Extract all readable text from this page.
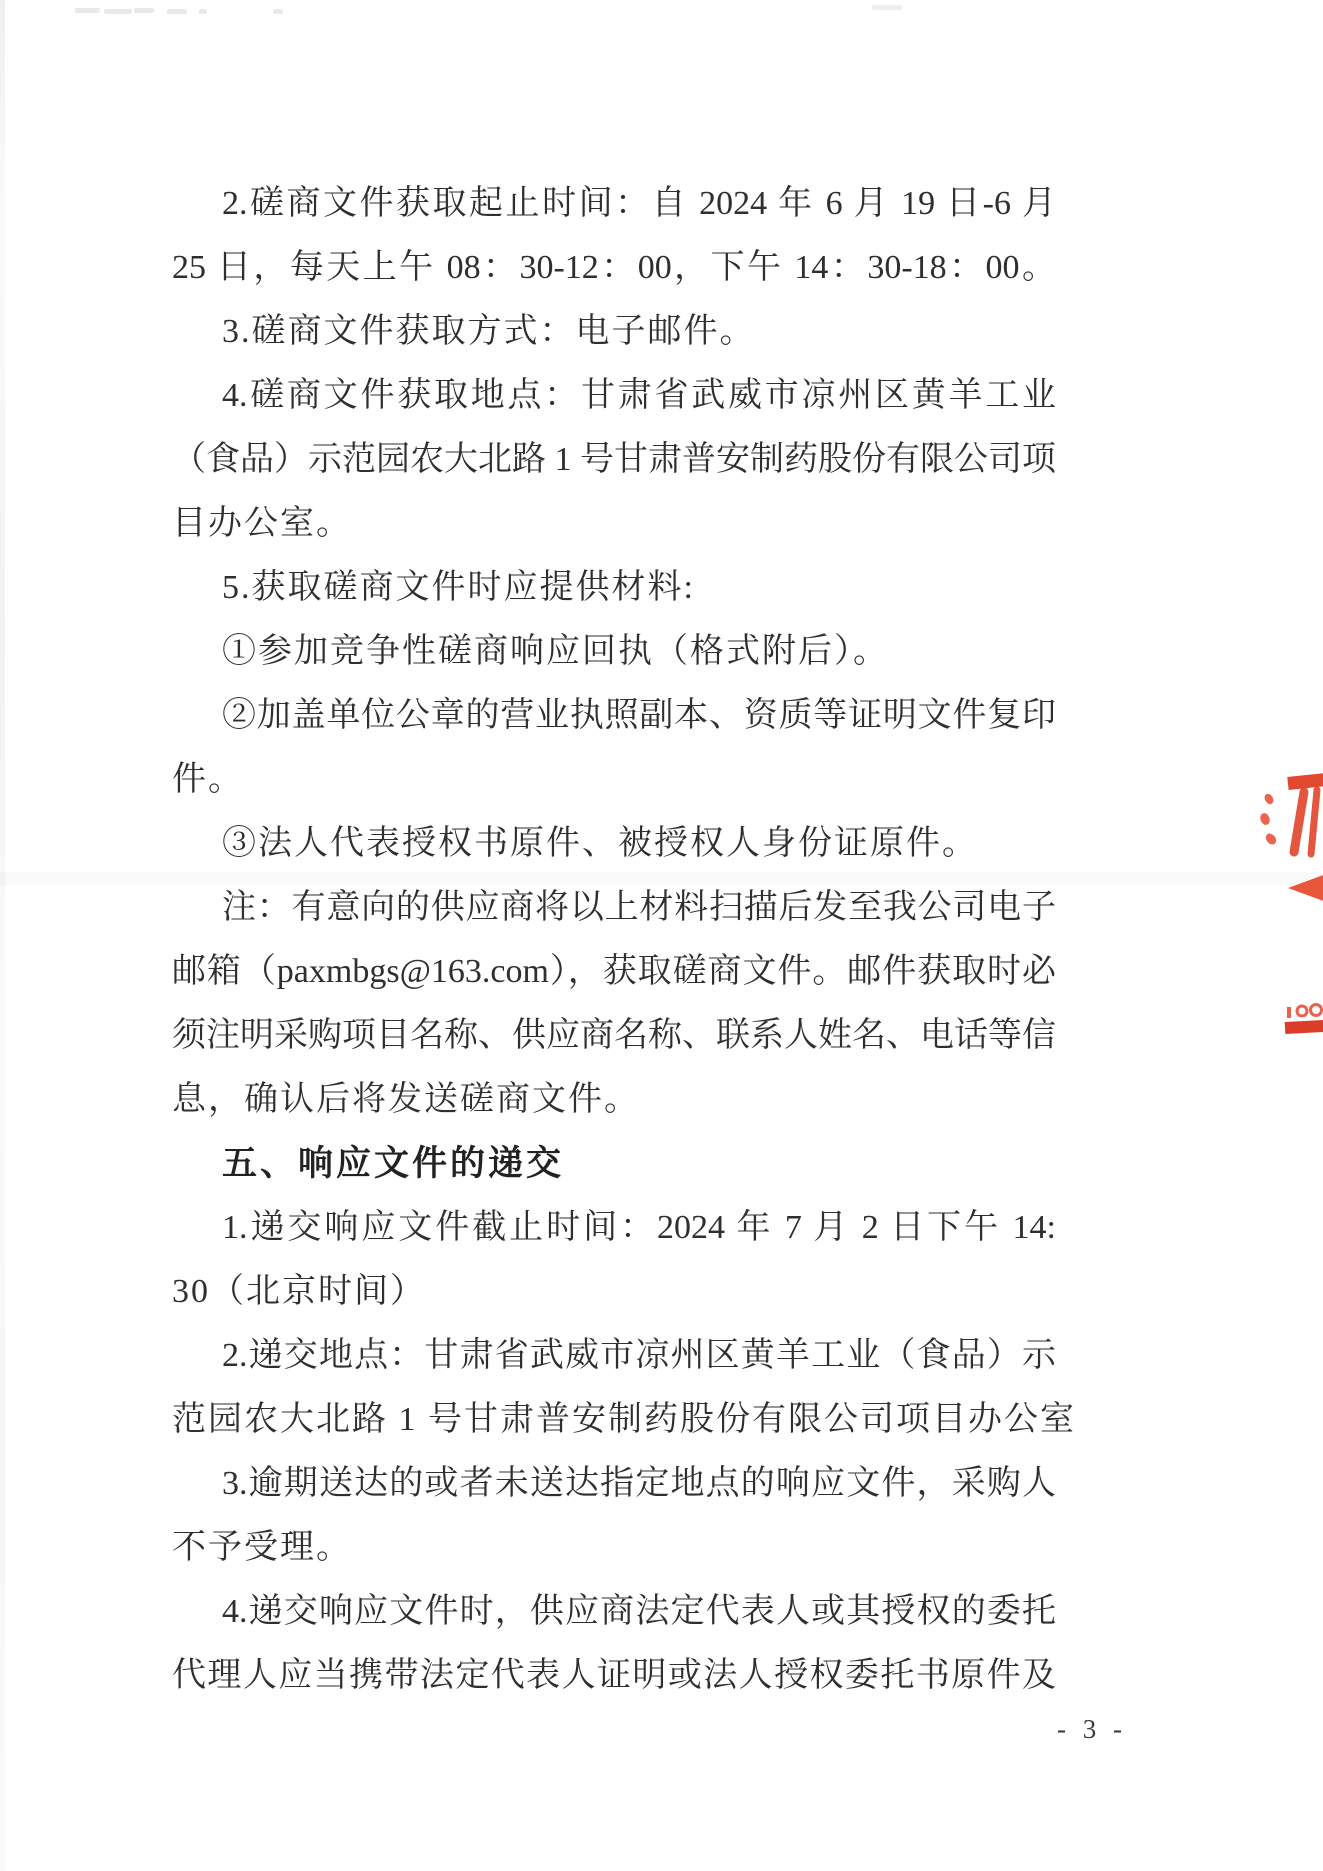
2.磋商文件获取起止时间：自 2024 年 6 月 19 日-6 月
25 日，每天上午 08：30-12：00，下午 14：30-18：00。
3.磋商文件获取方式：电子邮件。
4.磋商文件获取地点：甘肃省武威市凉州区黄羊工业
（食品）示范园农大北路 1 号甘肃普安制药股份有限公司项
目办公室。
5.获取磋商文件时应提供材料:
①参加竞争性磋商响应回执（格式附后）。
②加盖单位公章的营业执照副本、资质等证明文件复印
件。
③法人代表授权书原件、被授权人身份证原件。
注：有意向的供应商将以上材料扫描后发至我公司电子
邮箱（paxmbgs@163.com），获取磋商文件。邮件获取时必
须注明采购项目名称、供应商名称、联系人姓名、电话等信
息，确认后将发送磋商文件。
五、响应文件的递交
1.递交响应文件截止时间：2024 年 7 月 2 日下午 14:
30（北京时间）
2.递交地点：甘肃省武威市凉州区黄羊工业（食品）示
范园农大北路 1 号甘肃普安制药股份有限公司项目办公室
3.逾期送达的或者未送达指定地点的响应文件，采购人
不予受理。
4.递交响应文件时，供应商法定代表人或其授权的委托
代理人应当携带法定代表人证明或法人授权委托书原件及
- 3 -
